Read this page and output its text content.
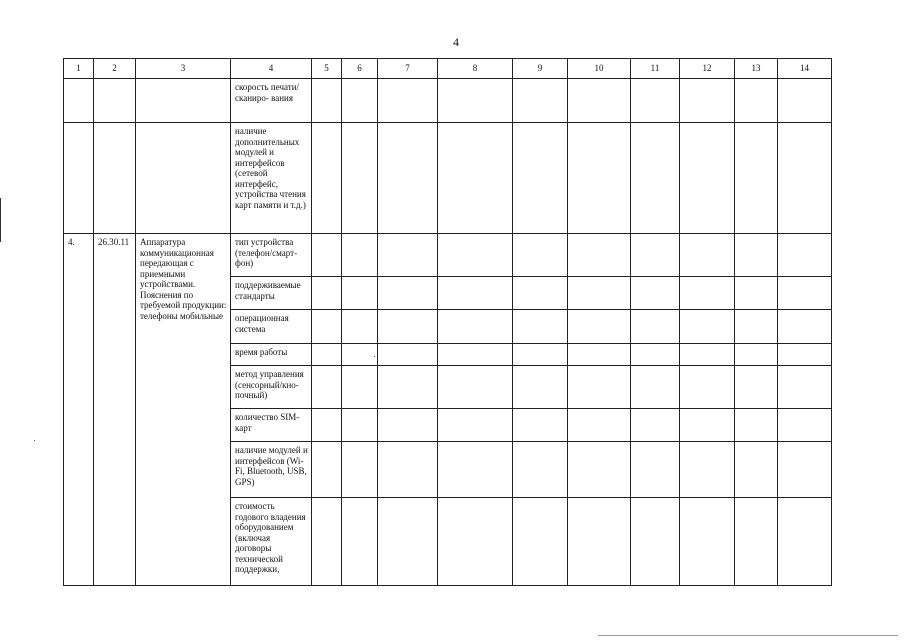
4
1	2	3	4	5	6	7	8	9	10	11	12	13	14
			скорость печати/сканиро- вания										
			наличие дополнительных модулей и интерфейсов (сетевой интерфейс, устройства чтения карт памяти и т.д.)										
4.	26.30.11	Аппаратура коммуникационная передающая с приемными устройствами. Пояснения по требуемой продукции: телефоны мобильные	тип устройства (телефон/смарт- фон)										
			поддерживаемые стандарты										
			операционная система										
			время работы										
			метод управления (сенсорный/кно- почный)										
			количество SIM- карт										
			наличие модулей и интерфейсов (Wi-Fi, Bluetooth, USB, GPS)										
			стоимость годового владения оборудованием (включая договоры технической поддержки,										
